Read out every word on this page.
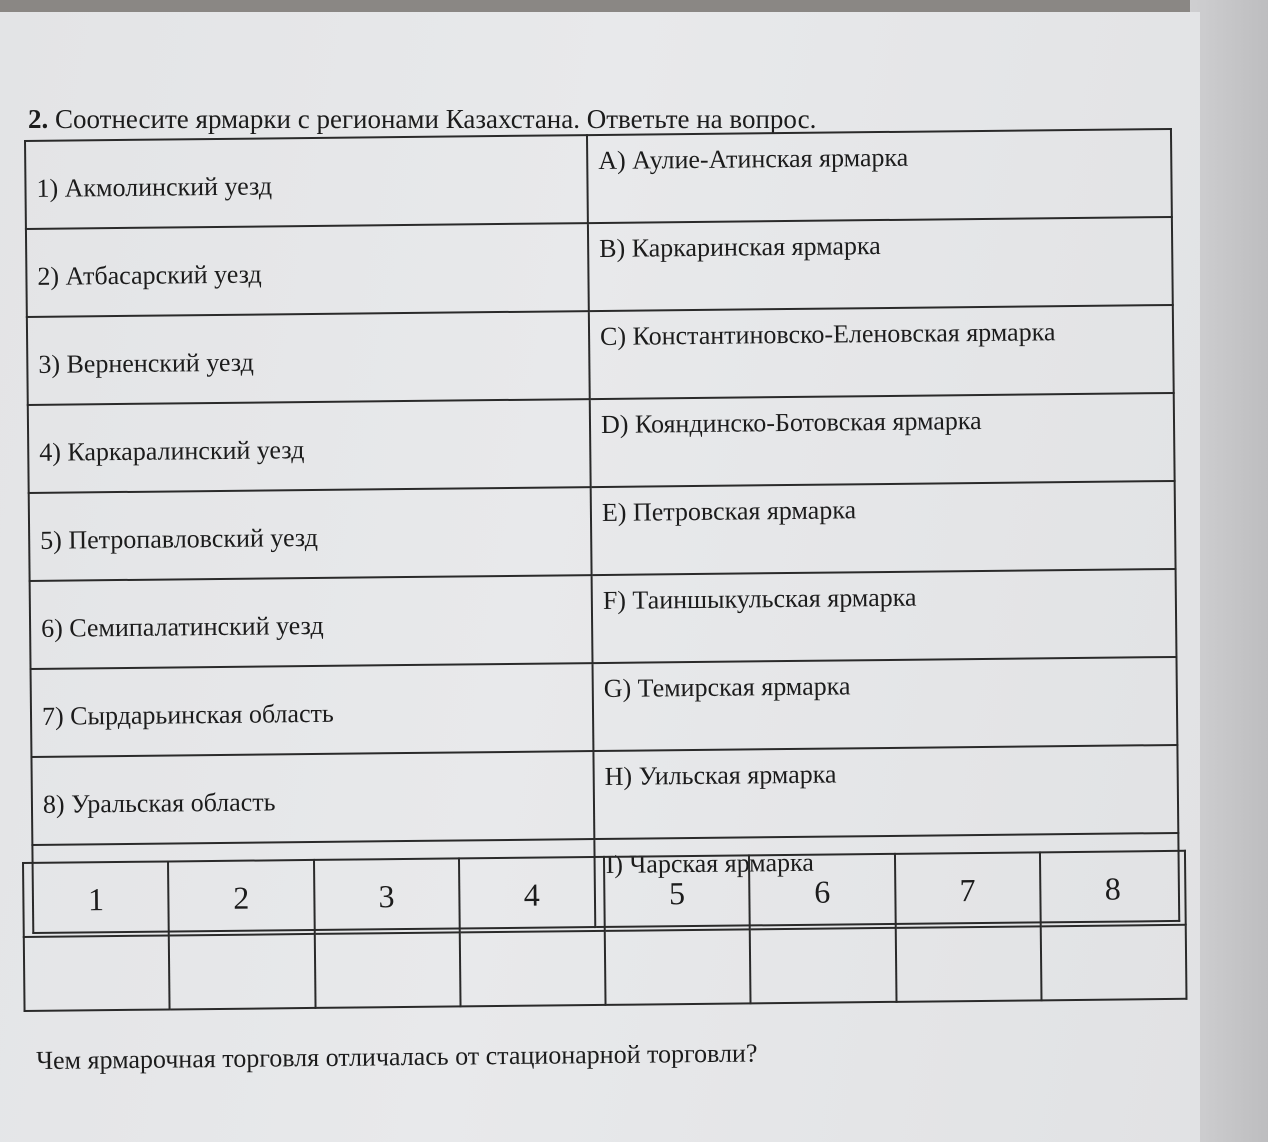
2. Соотнесите ярмарки с регионами Казахстана. Ответьте на вопрос.
1) Акмолинский уезд	A) Аулие-Атинская ярмарка
2) Атбасарский уезд	B) Каркаринская ярмарка
3) Верненский уезд	C) Константиновско-Еленовская ярмарка
4) Каркаралинский уезд	D) Кояндинско-Ботовская ярмарка
5) Петропавловский уезд	E) Петровская ярмарка
6) Семипалатинский уезд	F) Таиншыкульская ярмарка
7) Сырдарьинская область	G) Темирская ярмарка
8) Уральская область	H) Уильская ярмарка
	I) Чарская ярмарка
1	2	3	4	5	6	7	8

Чем ярмарочная торговля отличалась от стационарной торговли?
